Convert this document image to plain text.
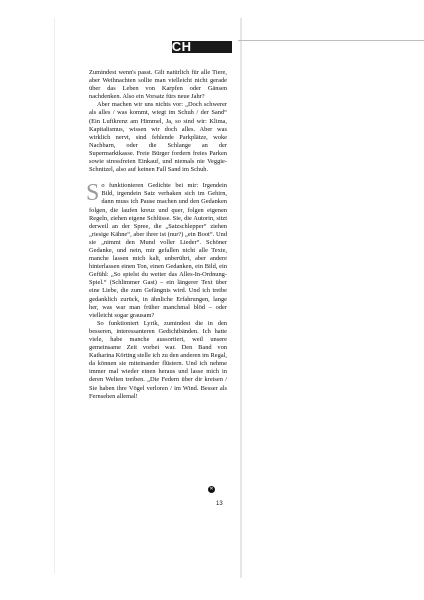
BUCH

Zumindest wenn's passt. Gilt natürlich für alle Tiere, aber Weihnachten sollte man vielleicht nicht gerade über das Leben von Karpfen oder Gänsen nachdenken. Also ein Vorsatz fürs neue Jahr?

Aber machen wir uns nichts vor: „Doch schwerer als alles / was kommt, wiegt im Schuh / der Sand“ (Ein Luftkrenz am Himmel, Ja, so sind wir: Klima, Kapitalismus, wissen wir doch alles. Aber was wirklich nervt, sind fehlende Parkplätze, woke Nachbarn, oder die Schlange an der Supermarktkasse. Freie Bürger fordern freies Parken sowie stressfreien Einkauf, und niemals nie Veggie-Schnitzel, also auf keinen Fall Sand im Schuh.

So funktionieren Gedichte bei mir: Irgendein Bild, irgendein Satz verhaken sich im Gehirn, dann muss ich Pause machen und den Gedanken folgen, die laufen kreuz und quer, folgen eigenen Regeln, ziehen eigene Schlüsse. Sie, die Autorin, sitzt derweil an der Spree, die „Satzschlepper“ ziehen „riesige Kähne“, aber ihrer ist (nur?) „ein Boot“. Und sie „nimmt den Mund voller Lieder“. Schöner Gedanke, und nein, mir gefallen nicht alle Texte, manche lassen mich kalt, unberührt, aber andere hinterlassen einen Ton, einen Gedanken, ein Bild, ein Gefühl: „So spielst du weiter das Alles-In-Ordnung-Spiel.“ (Schlimmer Gast) – ein längerer Text über eine Liebe, die zum Gefängnis wird. Und ich treibe gedanklich zurück, in ähnliche Erfahrungen, lange her, was war man früher manchmal blöd – oder vielleicht sogar grausam?

So funktioniert Lyrik, zumindest die in den besseren, interessanteren Gedichtbänden. Ich hatte viele, habe manche aussortiert, weil unsere gemeinsame Zeit vorbei war. Den Band von Katharina Körting stelle ich zu den anderen im Regal, da können sie miteinander flüstern. Und ich nehme immer mal wieder einen heraus und lasse mich in deren Welten treiben. „Die Federn über dir kreisen / Sie haben ihre Vögel verloren / im Wind. Besser als Fernsehen allemal!

✕
13
